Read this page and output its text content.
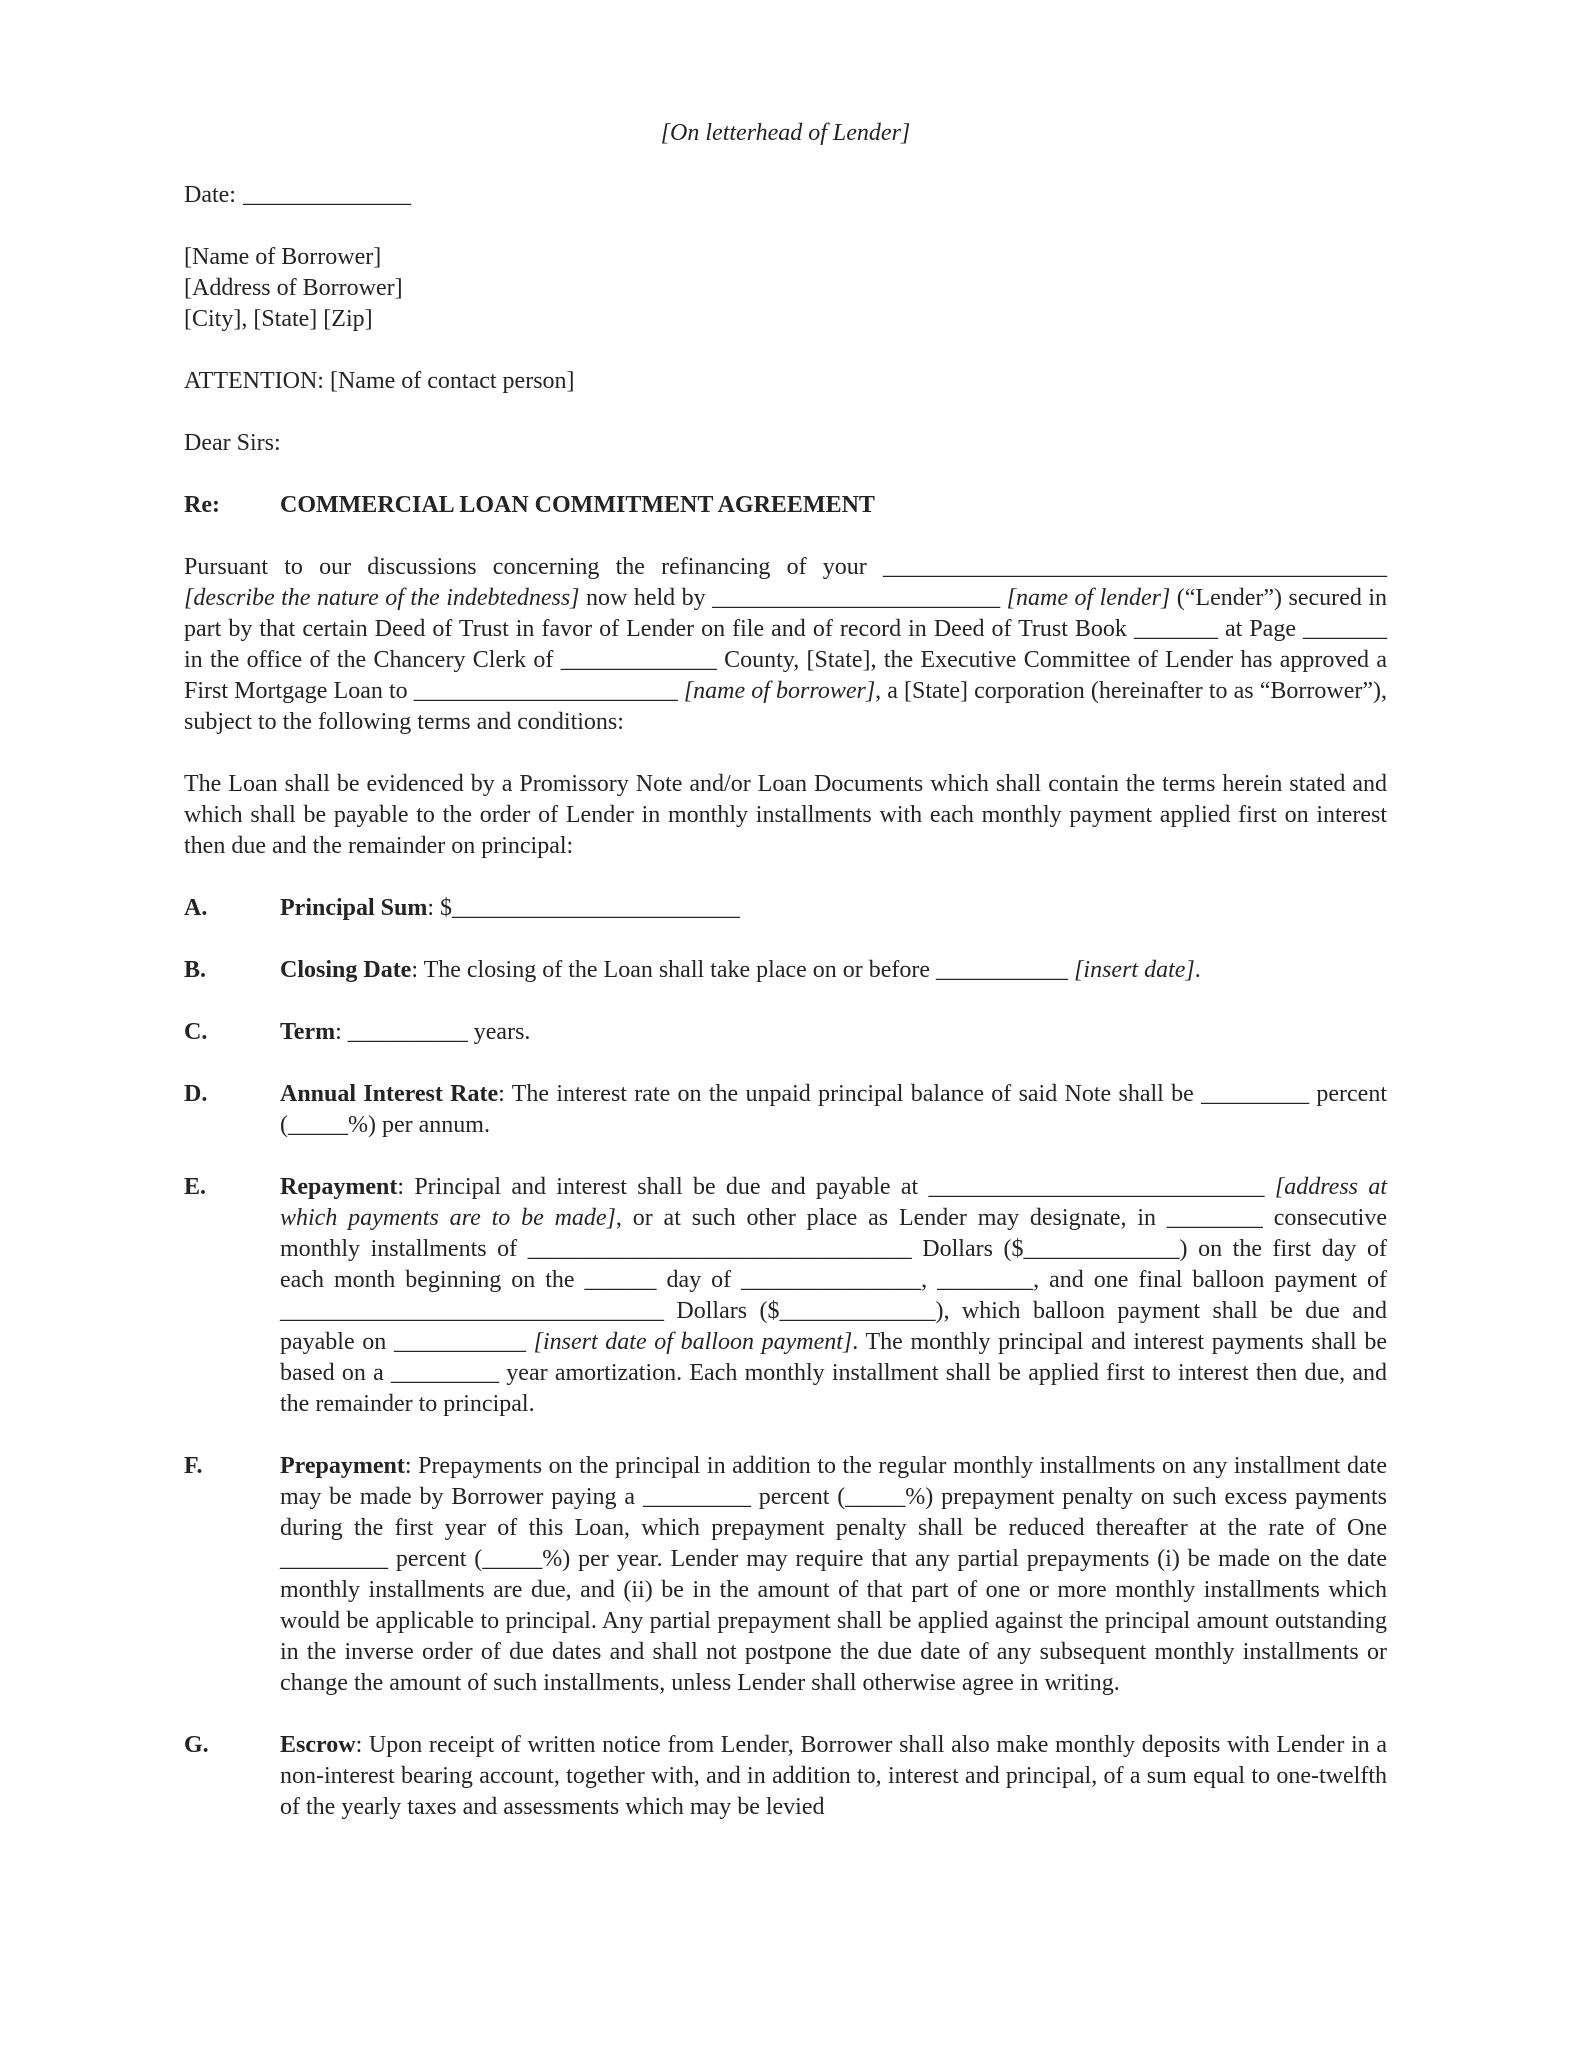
[On letterhead of Lender]
Date: ______________
[Name of Borrower]
[Address of Borrower]
[City], [State] [Zip]
ATTENTION: [Name of contact person]
Dear Sirs:
Re:	COMMERCIAL LOAN COMMITMENT AGREEMENT

Pursuant to our discussions concerning the refinancing of your __________________________________________ [describe the nature of the indebtedness] now held by ________________________ [name of lender] (“Lender”) secured in part by that certain Deed of Trust in favor of Lender on file and of record in Deed of Trust Book _______ at Page _______ in the office of the Chancery Clerk of _____________ County, [State], the Executive Committee of Lender has approved a First Mortgage Loan to ______________________ [name of borrower], a [State] corporation (hereinafter to as “Borrower”), subject to the following terms and conditions:

The Loan shall be evidenced by a Promissory Note and/or Loan Documents which shall contain the terms herein stated and which shall be payable to the order of Lender in monthly installments with each monthly payment applied first on interest then due and the remainder on principal:

A.	Principal Sum: $________________________
B.	Closing Date: The closing of the Loan shall take place on or before ___________ [insert date].
C.	Term: __________ years.
D.	Annual Interest Rate: The interest rate on the unpaid principal balance of said Note shall be _________ percent (_____%) per annum.
E.	Repayment: Principal and interest shall be due and payable at ____________________________ [address at which payments are to be made], or at such other place as Lender may designate, in ________ consecutive monthly installments of ________________________________ Dollars ($_____________) on the first day of each month beginning on the ______ day of _______________, ________, and one final balloon payment of ________________________________ Dollars ($_____________), which balloon payment shall be due and payable on ___________ [insert date of balloon payment]. The monthly principal and interest payments shall be based on a _________ year amortization. Each monthly installment shall be applied first to interest then due, and the remainder to principal.
F.	Prepayment: Prepayments on the principal in addition to the regular monthly installments on any installment date may be made by Borrower paying a _________ percent (_____%) prepayment penalty on such excess payments during the first year of this Loan, which prepayment penalty shall be reduced thereafter at the rate of One _________ percent (_____%) per year. Lender may require that any partial prepayments (i) be made on the date monthly installments are due, and (ii) be in the amount of that part of one or more monthly installments which would be applicable to principal. Any partial prepayment shall be applied against the principal amount outstanding in the inverse order of due dates and shall not postpone the due date of any subsequent monthly installments or change the amount of such installments, unless Lender shall otherwise agree in writing.
G.	Escrow: Upon receipt of written notice from Lender, Borrower shall also make monthly deposits with Lender in a non-interest bearing account, together with, and in addition to, interest and principal, of a sum equal to one-twelfth of the yearly taxes and assessments which may be levied
